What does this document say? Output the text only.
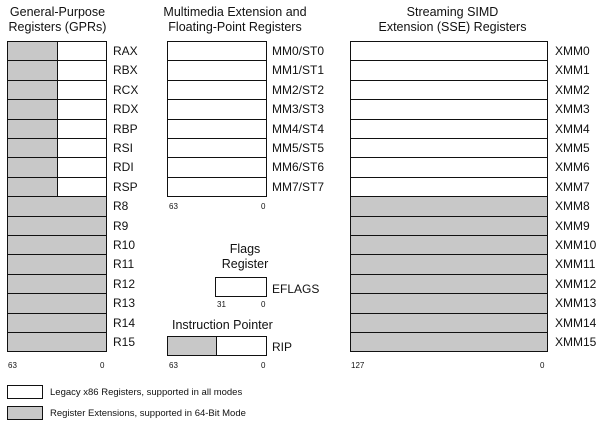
General-Purpose
Registers (GPRs)
63	0
Multimedia Extension and
Floating-Point Registers
63	0
Flags
Register
EFLAGS
31	0
Instruction Pointer
RIP
63	0
Streaming SIMD
Extension (SSE) Registers
127	0
Legacy x86 Registers, supported in all modes
Register Extensions, supported in 64-Bit Mode
RAX
RBX
RCX
RDX
RBP
RSI
RDI
RSP
R8
R9
R10
R11
R12
R13
R14
R15
MM0/ST0
MM1/ST1
MM2/ST2
MM3/ST3
MM4/ST4
MM5/ST5
MM6/ST6
MM7/ST7
XMM0
XMM1
XMM2
XMM3
XMM4
XMM5
XMM6
XMM7
XMM8
XMM9
XMM10
XMM11
XMM12
XMM13
XMM14
XMM15
